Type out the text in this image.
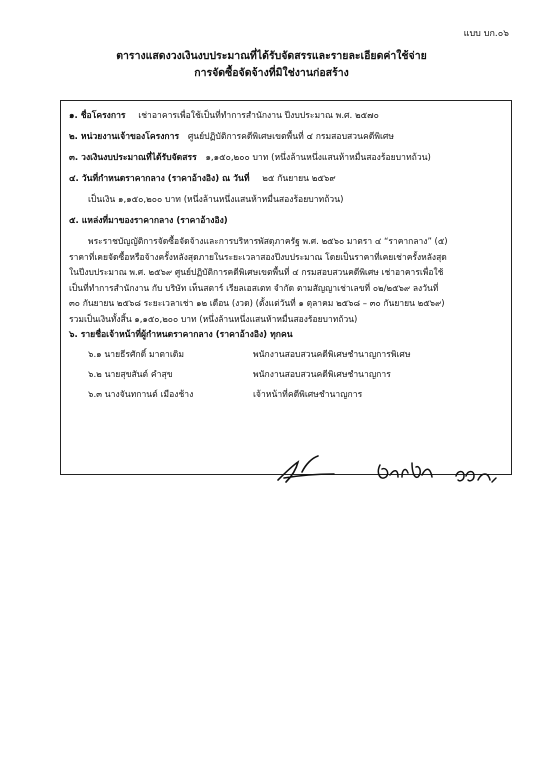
แบบ บก.๐๖
ตารางแสดงวงเงินงบประมาณที่ได้รับจัดสรรและรายละเอียดค่าใช้จ่าย
การจัดซื้อจัดจ้างที่มิใช่งานก่อสร้าง
๑. ชื่อโครงการ เช่าอาคารเพื่อใช้เป็นที่ทำการสำนักงาน ปีงบประมาณ พ.ศ. ๒๕๗๐
๒. หน่วยงานเจ้าของโครงการ ศูนย์ปฏิบัติการคดีพิเศษเขตพื้นที่ ๔ กรมสอบสวนคดีพิเศษ
๓. วงเงินงบประมาณที่ได้รับจัดสรร ๑,๑๕๐,๒๐๐ บาท (หนึ่งล้านหนึ่งแสนห้าหมื่นสองร้อยบาทถ้วน)
๔. วันที่กำหนดราคากลาง (ราคาอ้างอิง) ณ วันที่ ๒๕ กันยายน ๒๕๖๙
เป็นเงิน ๑,๑๕๐,๒๐๐ บาท (หนึ่งล้านหนึ่งแสนห้าหมื่นสองร้อยบาทถ้วน)
๕. แหล่งที่มาของราคากลาง (ราคาอ้างอิง)
พระราชบัญญัติการจัดซื้อจัดจ้างและการบริหารพัสดุภาครัฐ พ.ศ. ๒๕๖๐ มาตรา ๔ “ราคากลาง” (๕)
ราคาที่เคยจัดซื้อหรือจ้างครั้งหลังสุดภายในระยะเวลาสองปีงบประมาณ โดยเป็นราคาที่เคยเช่าครั้งหลังสุด
ในปีงบประมาณ พ.ศ. ๒๕๖๙ ศูนย์ปฏิบัติการคดีพิเศษเขตพื้นที่ ๔ กรมสอบสวนคดีพิเศษ เช่าอาคารเพื่อใช้
เป็นที่ทำการสำนักงาน กับ บริษัท เท็นสตาร์ เรียลเอสเตท จำกัด ตามสัญญาเช่าเลขที่ ๐๒/๒๕๖๙ ลงวันที่
๓๐ กันยายน ๒๕๖๘ ระยะเวลาเช่า ๑๒ เดือน (งวด) (ตั้งแต่วันที่ ๑ ตุลาคม ๒๕๖๘ – ๓๐ กันยายน ๒๕๖๙)
รวมเป็นเงินทั้งสิ้น ๑,๑๕๐,๒๐๐ บาท (หนึ่งล้านหนึ่งแสนห้าหมื่นสองร้อยบาทถ้วน)
๖. รายชื่อเจ้าหน้าที่ผู้กำหนดราคากลาง (ราคาอ้างอิง) ทุกคน
๖.๑ นายธีรศักดิ์ มาตาเดิม	พนักงานสอบสวนคดีพิเศษชำนาญการพิเศษ
๖.๒ นายสุขสันต์ คำสุข	พนักงานสอบสวนคดีพิเศษชำนาญการ
๖.๓ นางจันทกานต์ เมืองช้าง	เจ้าหน้าที่คดีพิเศษชำนาญการ
